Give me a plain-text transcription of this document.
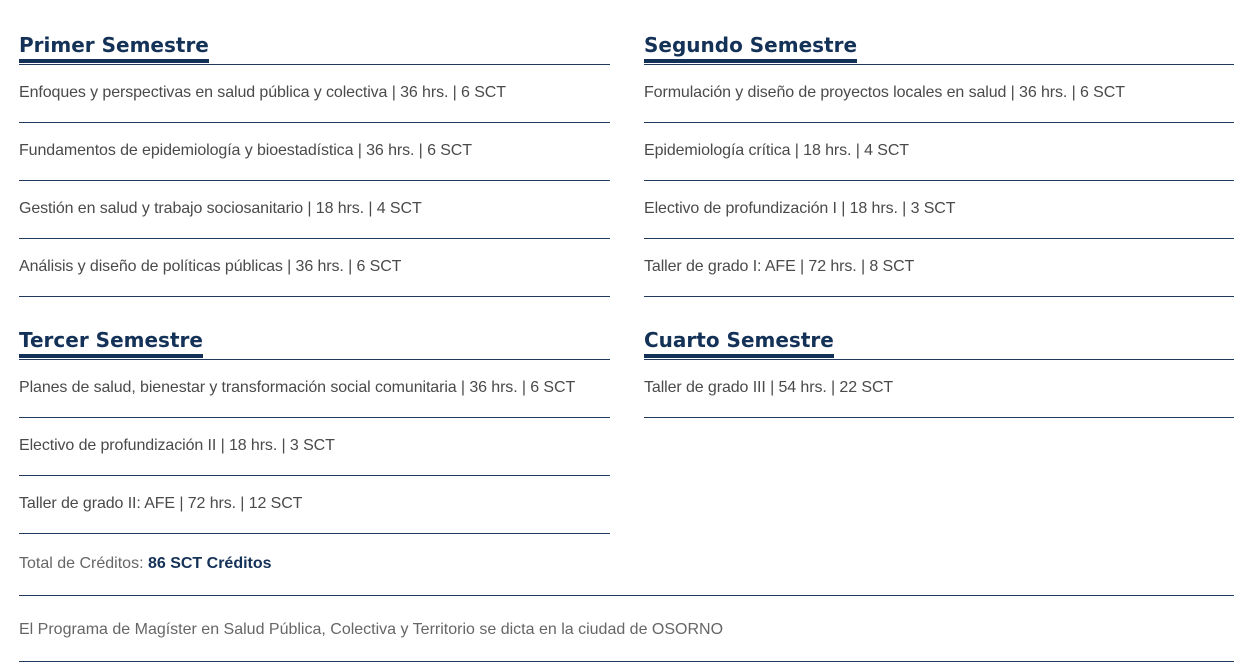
Primer Semestre
Enfoques y perspectivas en salud pública y colectiva | 36 hrs. | 6 SCT
Fundamentos de epidemiología y bioestadística | 36 hrs. | 6 SCT
Gestión en salud y trabajo sociosanitario | 18 hrs. | 4 SCT
Análisis y diseño de políticas públicas | 36 hrs. | 6 SCT
Tercer Semestre
Planes de salud, bienestar y transformación social comunitaria | 36 hrs. | 6 SCT
Electivo de profundización II | 18 hrs. | 3 SCT
Taller de grado II: AFE | 72 hrs. | 12 SCT
Segundo Semestre
Formulación y diseño de proyectos locales en salud | 36 hrs. | 6 SCT
Epidemiología crítica | 18 hrs. | 4 SCT
Electivo de profundización I | 18 hrs. | 3 SCT
Taller de grado I: AFE | 72 hrs. | 8 SCT
Cuarto Semestre
Taller de grado III | 54 hrs. | 22 SCT
Total de Créditos: 86 SCT Créditos
El Programa de Magíster en Salud Pública, Colectiva y Territorio se dicta en la ciudad de OSORNO
